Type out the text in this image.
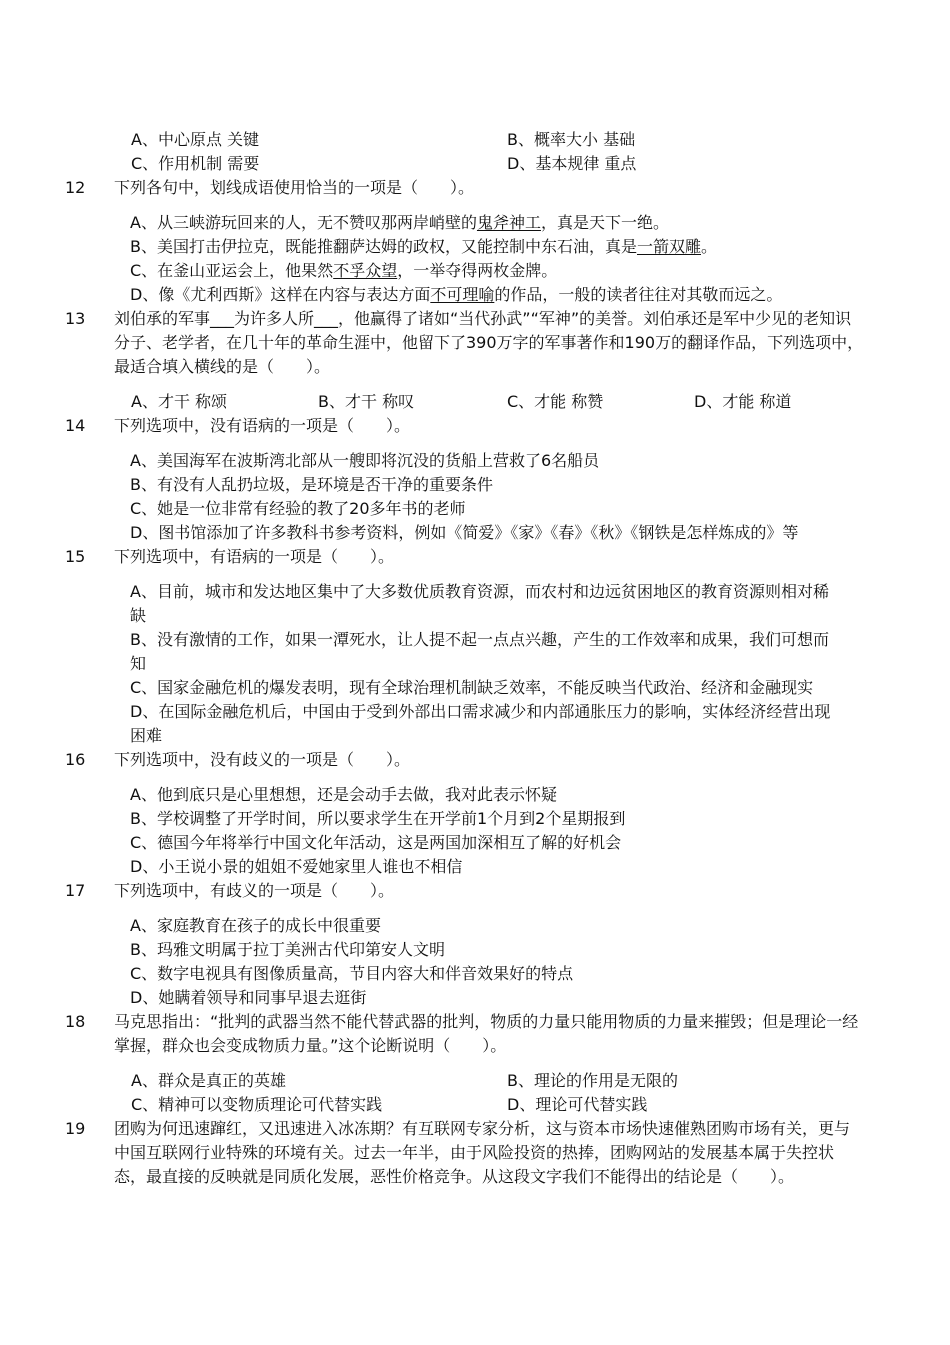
A、中心原点 关键	B、概率大小 基础
C、作用机制 需要	D、基本规律 重点
12 下列各句中，划线成语使用恰当的一项是（　　）。
A、从三峡游玩回来的人，无不赞叹那两岸峭壁的鬼斧神工，真是天下一绝。
B、美国打击伊拉克，既能推翻萨达姆的政权，又能控制中东石油，真是一箭双雕。
C、在釜山亚运会上，他果然不孚众望，一举夺得两枚金牌。
D、像《尤利西斯》这样在内容与表达方面不可理喻的作品，一般的读者往往对其敬而远之。
13 刘伯承的军事___为许多人所___，他赢得了诸如“当代孙武”“军神”的美誉。刘伯承还是军中少见的老知识分子、老学者，在几十年的革命生涯中，他留下了390万字的军事著作和190万的翻译作品，下列选项中，最适合填入横线的是（　　）。
A、才干 称颂	B、才干 称叹	C、才能 称赞	D、才能 称道
14 下列选项中，没有语病的一项是（　　）。
A、美国海军在波斯湾北部从一艘即将沉没的货船上营救了6名船员
B、有没有人乱扔垃圾，是环境是否干净的重要条件
C、她是一位非常有经验的教了20多年书的老师
D、图书馆添加了许多教科书参考资料，例如《简爱》《家》《春》《秋》《钢铁是怎样炼成的》等
15 下列选项中，有语病的一项是（　　）。
A、目前，城市和发达地区集中了大多数优质教育资源，而农村和边远贫困地区的教育资源则相对稀缺
B、没有激情的工作，如果一潭死水，让人提不起一点点兴趣，产生的工作效率和成果，我们可想而知
C、国家金融危机的爆发表明，现有全球治理机制缺乏效率，不能反映当代政治、经济和金融现实
D、在国际金融危机后，中国由于受到外部出口需求减少和内部通胀压力的影响，实体经济经营出现困难
16 下列选项中，没有歧义的一项是（　　）。
A、他到底只是心里想想，还是会动手去做，我对此表示怀疑
B、学校调整了开学时间，所以要求学生在开学前1个月到2个星期报到
C、德国今年将举行中国文化年活动，这是两国加深相互了解的好机会
D、小王说小景的姐姐不爱她家里人谁也不相信
17 下列选项中，有歧义的一项是（　　）。
A、家庭教育在孩子的成长中很重要
B、玛雅文明属于拉丁美洲古代印第安人文明
C、数字电视具有图像质量高，节目内容大和伴音效果好的特点
D、她瞒着领导和同事早退去逛街
18 马克思指出：“批判的武器当然不能代替武器的批判，物质的力量只能用物质的力量来摧毁；但是理论一经掌握，群众也会变成物质力量。”这个论断说明（　　）。
A、群众是真正的英雄	B、理论的作用是无限的
C、精神可以变物质理论可代替实践	D、理论可代替实践
19 团购为何迅速蹿红，又迅速进入冰冻期？有互联网专家分析，这与资本市场快速催熟团购市场有关，更与中国互联网行业特殊的环境有关。过去一年半，由于风险投资的热捧，团购网站的发展基本属于失控状态，最直接的反映就是同质化发展，恶性价格竞争。从这段文字我们不能得出的结论是（　　）。
